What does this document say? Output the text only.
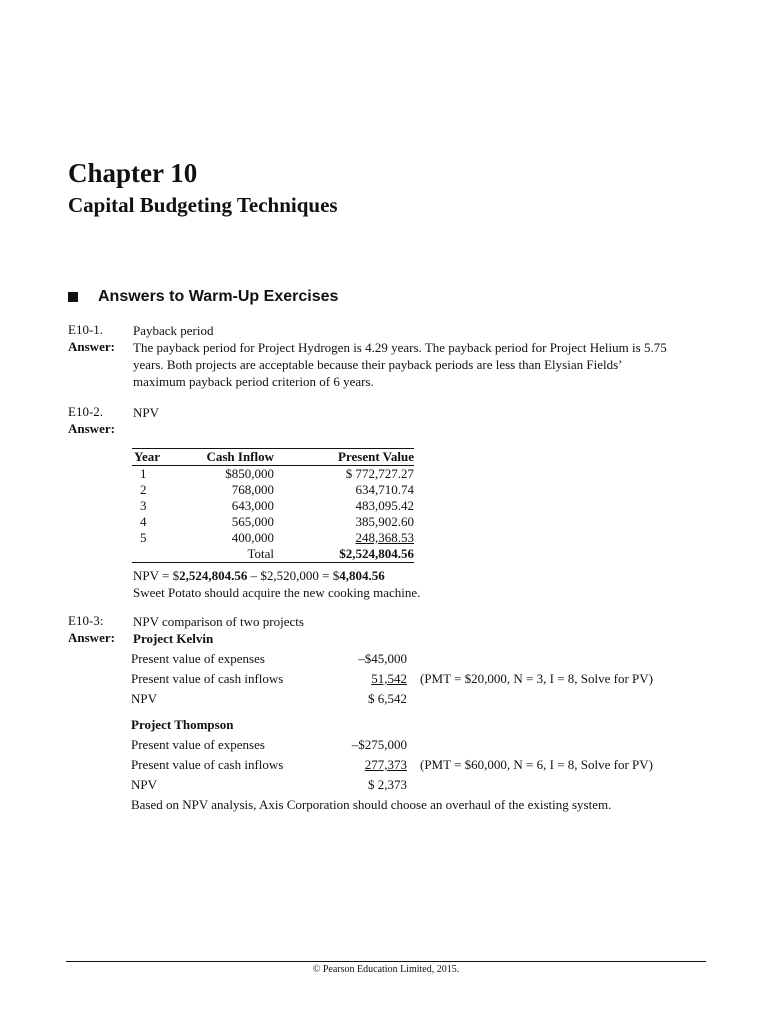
Chapter 10
Capital Budgeting Techniques
Answers to Warm-Up Exercises
E10-1. Payback period
Answer: The payback period for Project Hydrogen is 4.29 years. The payback period for Project Helium is 5.75
years. Both projects are acceptable because their payback periods are less than Elysian Fields’
maximum payback period criterion of 6 years.
E10-2. NPV
Answer:
Year	Cash Inflow	Present Value
1	$850,000	$ 772,727.27
2	768,000	634,710.74
3	643,000	483,095.42
4	565,000	385,902.60
5	400,000	248,368.53
	Total	$2,524,804.56
NPV = $2,524,804.56 – $2,520,000 = $4,804.56
Sweet Potato should acquire the new cooking machine.
E10-3: NPV comparison of two projects
Answer: Project Kelvin
Present value of expenses	–$45,000
Present value of cash inflows	51,542 (PMT = $20,000, N = 3, I = 8, Solve for PV)
NPV	$ 6,542
Project Thompson
Present value of expenses	–$275,000
Present value of cash inflows	277,373 (PMT = $60,000, N = 6, I = 8, Solve for PV)
NPV	$ 2,373
Based on NPV analysis, Axis Corporation should choose an overhaul of the existing system.
© Pearson Education Limited, 2015.
